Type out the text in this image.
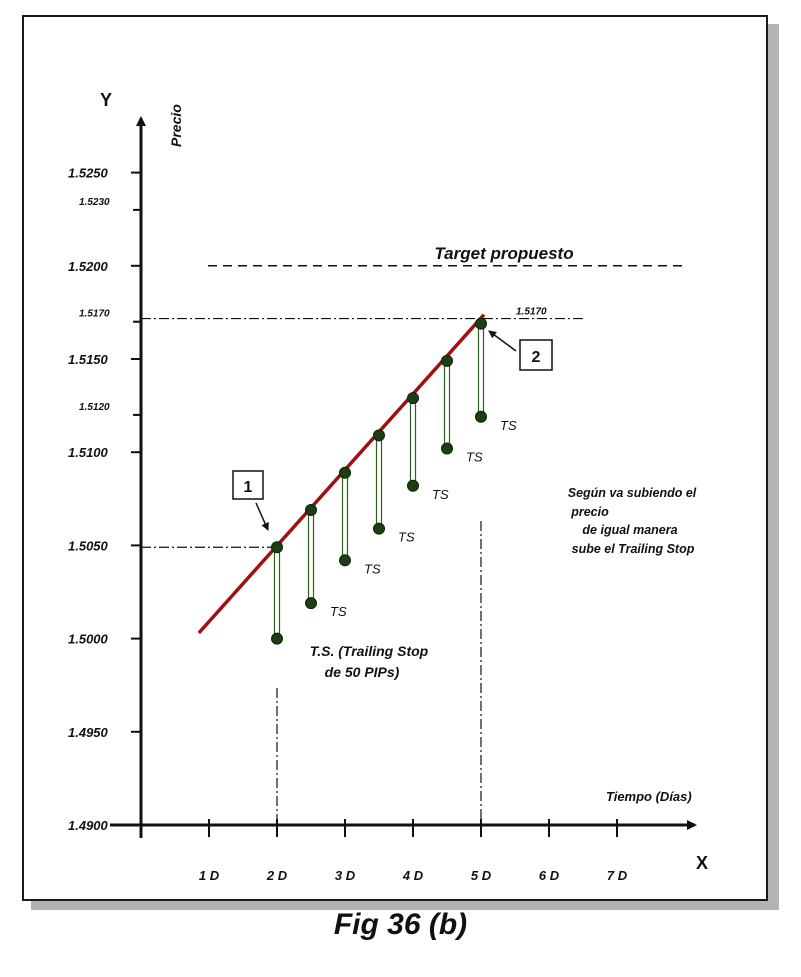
Y
Precio
X
Tiempo (Días)
1.5250
1.5230
1.5200
1.5170
1.5150
1.5120
1.5100
1.5050
1.5000
1.4950
1.4900
1 D	2 D	3 D	4 D	5 D	6 D	7 D
Target propuesto
1.5170
TS
TS
TS
TS
TS
TS
1
2
T.S. (Trailing Stop
de 50 PIPs)
Según va subiendo el
precio
de igual manera
sube el Trailing Stop
Fig 36 (b)
